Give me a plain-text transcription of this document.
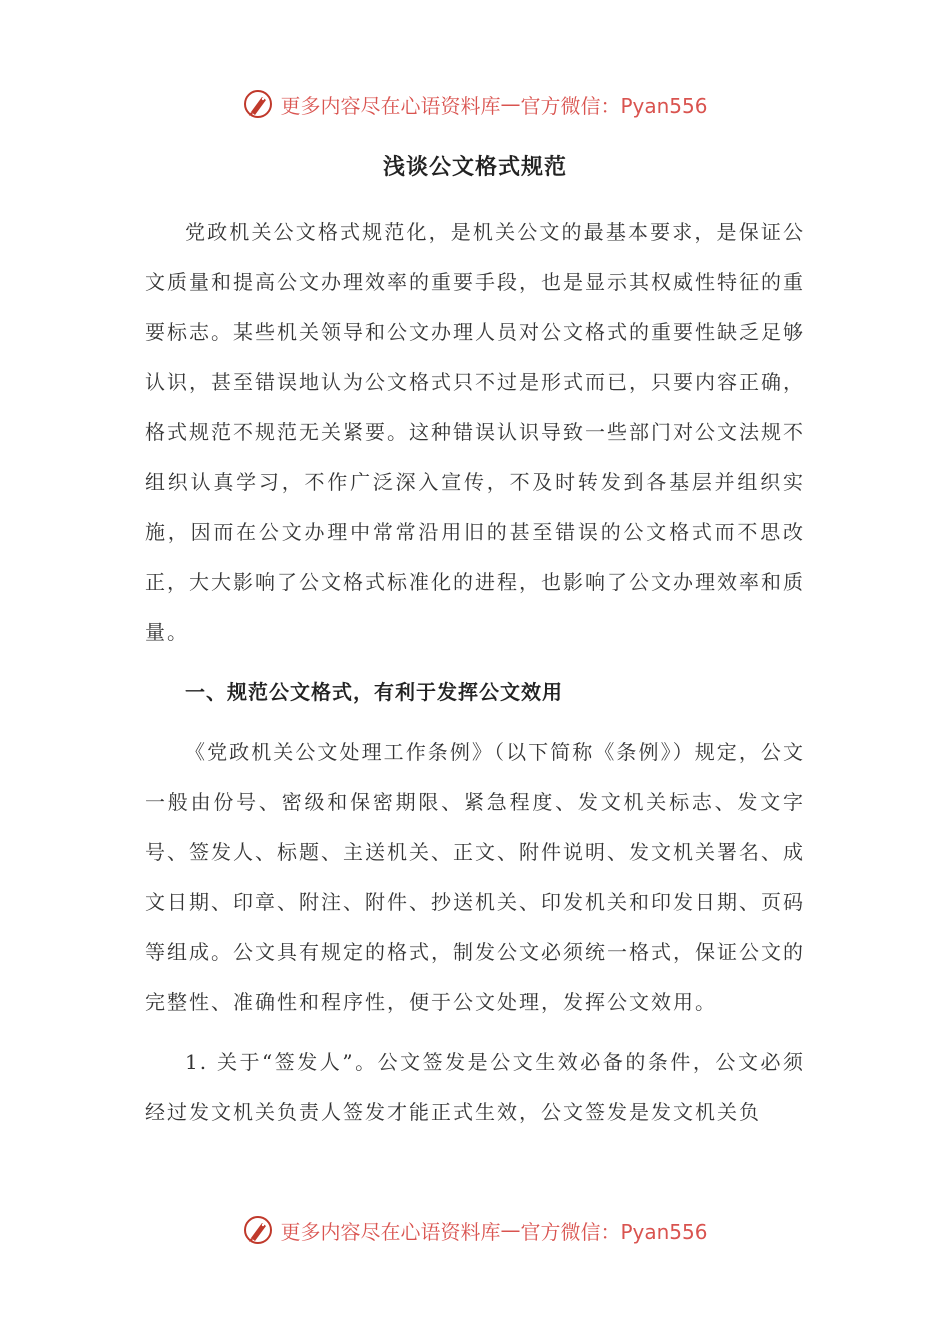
更多内容尽在心语资料库 — 官方微信：Pyan556
浅谈公文格式规范

党政机关公文格式规范化，是机关公文的最基本要求，是保证公文质量和提高公文办理效率的重要手段，也是显示其权威性特征的重要标志。某些机关领导和公文办理人员对公文格式的重要性缺乏足够认识，甚至错误地认为公文格式只不过是形式而已，只要内容正确，格式规范不规范无关紧要。这种错误认识导致一些部门对公文法规不组织认真学习，不作广泛深入宣传，不及时转发到各基层并组织实施，因而在公文办理中常常沿用旧的甚至错误的公文格式而不思改正，大大影响了公文格式标准化的进程，也影响了公文办理效率和质量。

一、规范公文格式，有利于发挥公文效用

《党政机关公文处理工作条例》（以下简称《条例》）规定，公文一般由份号、密级和保密期限、紧急程度、发文机关标志、发文字号、签发人、标题、主送机关、正文、附件说明、发文机关署名、成文日期、印章、附注、附件、抄送机关、印发机关和印发日期、页码等组成。公文具有规定的格式，制发公文必须统一格式，保证公文的完整性、准确性和程序性，便于公文处理，发挥公文效用。

1. 关于“签发人”。公文签发是公文生效必备的条件，公文必须经过发文机关负责人签发才能正式生效，公文签发是发文机关负

更多内容尽在心语资料库 — 官方微信：Pyan556
